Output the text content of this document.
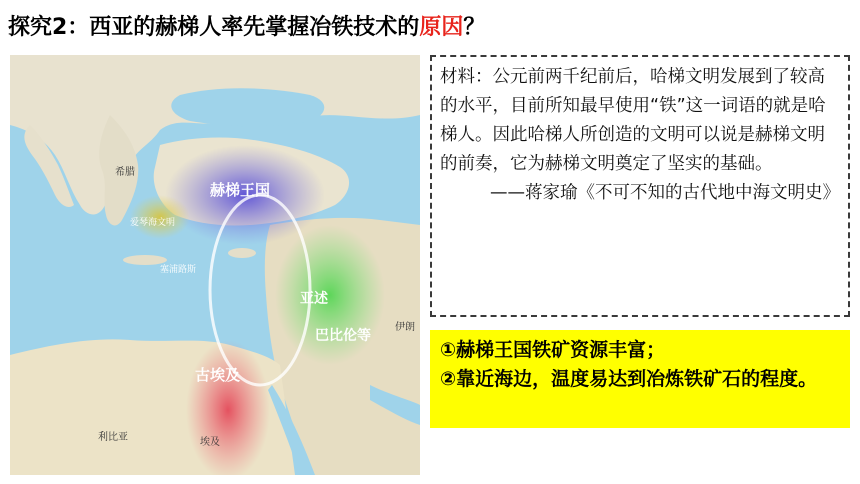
探究2：西亚的赫梯人率先掌握冶铁技术的原因？
赫梯王国
亚述
巴比伦等
古埃及
希腊
利比亚	埃及
伊朗
爱琴海文明
塞浦路斯

材料：公元前两千纪前后，哈梯文明发展到了较高的水平，目前所知最早使用“铁”这一词语的就是哈梯人。因此哈梯人所创造的文明可以说是赫梯文明的前奏，它为赫梯文明奠定了坚实的基础。

——蒋家瑜《不可不知的古代地中海文明史》

①赫梯王国铁矿资源丰富；
②靠近海边，温度易达到冶炼铁矿石的程度。
